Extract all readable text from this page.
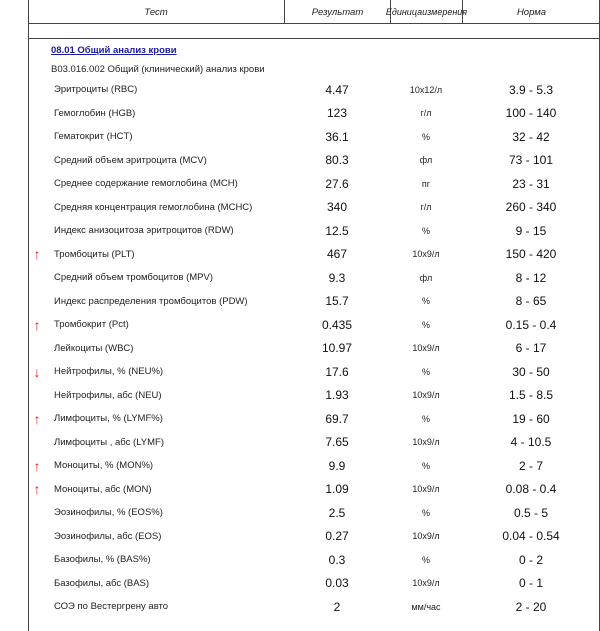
Тест	Результат	Единица измерения	Норма
08.01 Общий анализ крови
B03.016.002 Общий (клинический) анализ крови
Эритроциты (RBC)	4.47	10x12/л	3.9 - 5.3
Гемоглобин (HGB)	123	г/л	100 - 140
Гематокрит (HCT)	36.1	%	32 - 42
Средний объем эритроцита (MCV)	80.3	фл	73 - 101
Среднее содержание гемоглобина (MCH)	27.6	пг	23 - 31
Средняя концентрация гемоглобина (MCHC)	340	г/л	260 - 340
Индекс анизоцитоза эритроцитов (RDW)	12.5	%	9 - 15
↑	Тромбоциты (PLT)	467	10x9/л	150 - 420
Средний объем тромбоцитов (MPV)	9.3	фл	8 - 12
Индекс распределения тромбоцитов (PDW)	15.7	%	8 - 65
↑	Тромбокрит (Pct)	0.435	%	0.15 - 0.4
Лейкоциты (WBC)	10.97	10x9/л	6 - 17
↓	Нейтрофилы, % (NEU%)	17.6	%	30 - 50
Нейтрофилы, абс (NEU)	1.93	10x9/л	1.5 - 8.5
↑	Лимфоциты, % (LYMF%)	69.7	%	19 - 60
Лимфоциты , абс (LYMF)	7.65	10x9/л	4 - 10.5
↑	Моноциты, % (MON%)	9.9	%	2 - 7
↑	Моноциты, абс (MON)	1.09	10x9/л	0.08 - 0.4
Эозинофилы, % (EOS%)	2.5	%	0.5 - 5
Эозинофилы, абс (EOS)	0.27	10x9/л	0.04 - 0.54
Базофилы, % (BAS%)	0.3	%	0 - 2
Базофилы, абс (BAS)	0.03	10x9/л	0 - 1
СОЭ по Вестергрену авто	2	мм/час	2 - 20
